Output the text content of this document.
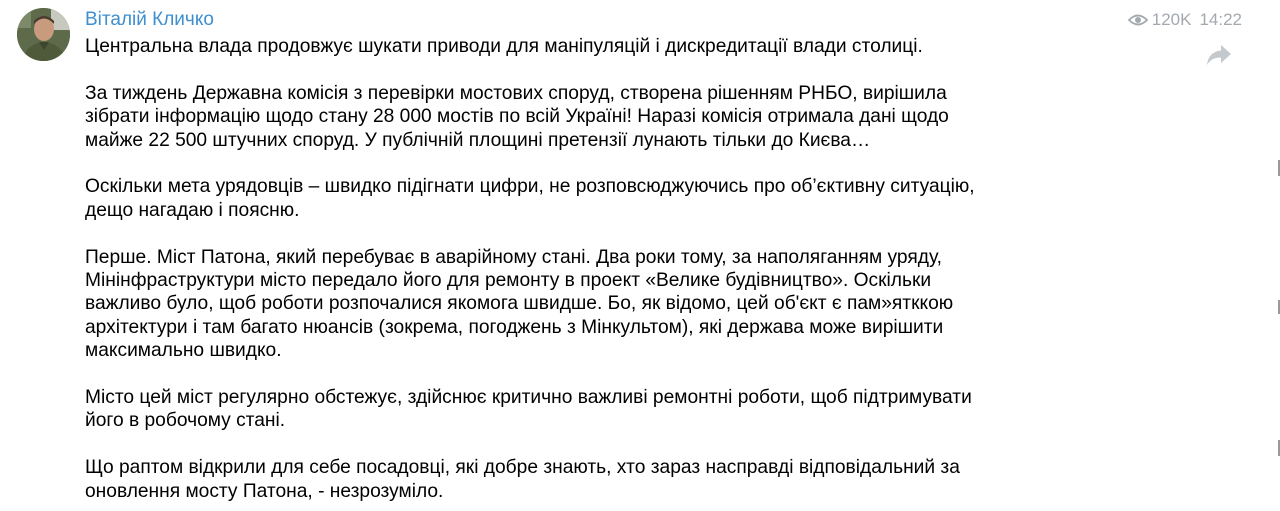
Віталій Кличко	120K 14:22

Центральна влада продовжує шукати приводи для маніпуляцій і дискредитації влади столиці.

За тиждень Державна комісія з перевірки мостових споруд, створена рішенням РНБО, вирішила
зібрати інформацію щодо стану 28 000 мостів по всій Україні! Наразі комісія отримала дані щодо
майже 22 500 штучних споруд. У публічній площині претензії лунають тільки до Києва…

Оскільки мета урядовців – швидко підігнати цифри, не розповсюджуючись про об’єктивну ситуацію,
дещо нагадаю і поясню.

Перше. Міст Патона, який перебуває в аварійному стані. Два роки тому, за наполяганням уряду,
Мінінфраструктури місто передало його для ремонту в проект «Велике будівництво». Оскільки
важливо було, щоб роботи розпочалися якомога швидше. Бо, як відомо, цей об'єкт є пам»ятккою
архітектури і там багато нюансів (зокрема, погоджень з Мінкультом), які держава може вирішити
максимально швидко.

Місто цей міст регулярно обстежує, здійснює критично важливі ремонтні роботи, щоб підтримувати
його в робочому стані.

Що раптом відкрили для себе посадовці, які добре знають, хто зараз насправді відповідальний за
оновлення мосту Патона, - незрозуміло.
